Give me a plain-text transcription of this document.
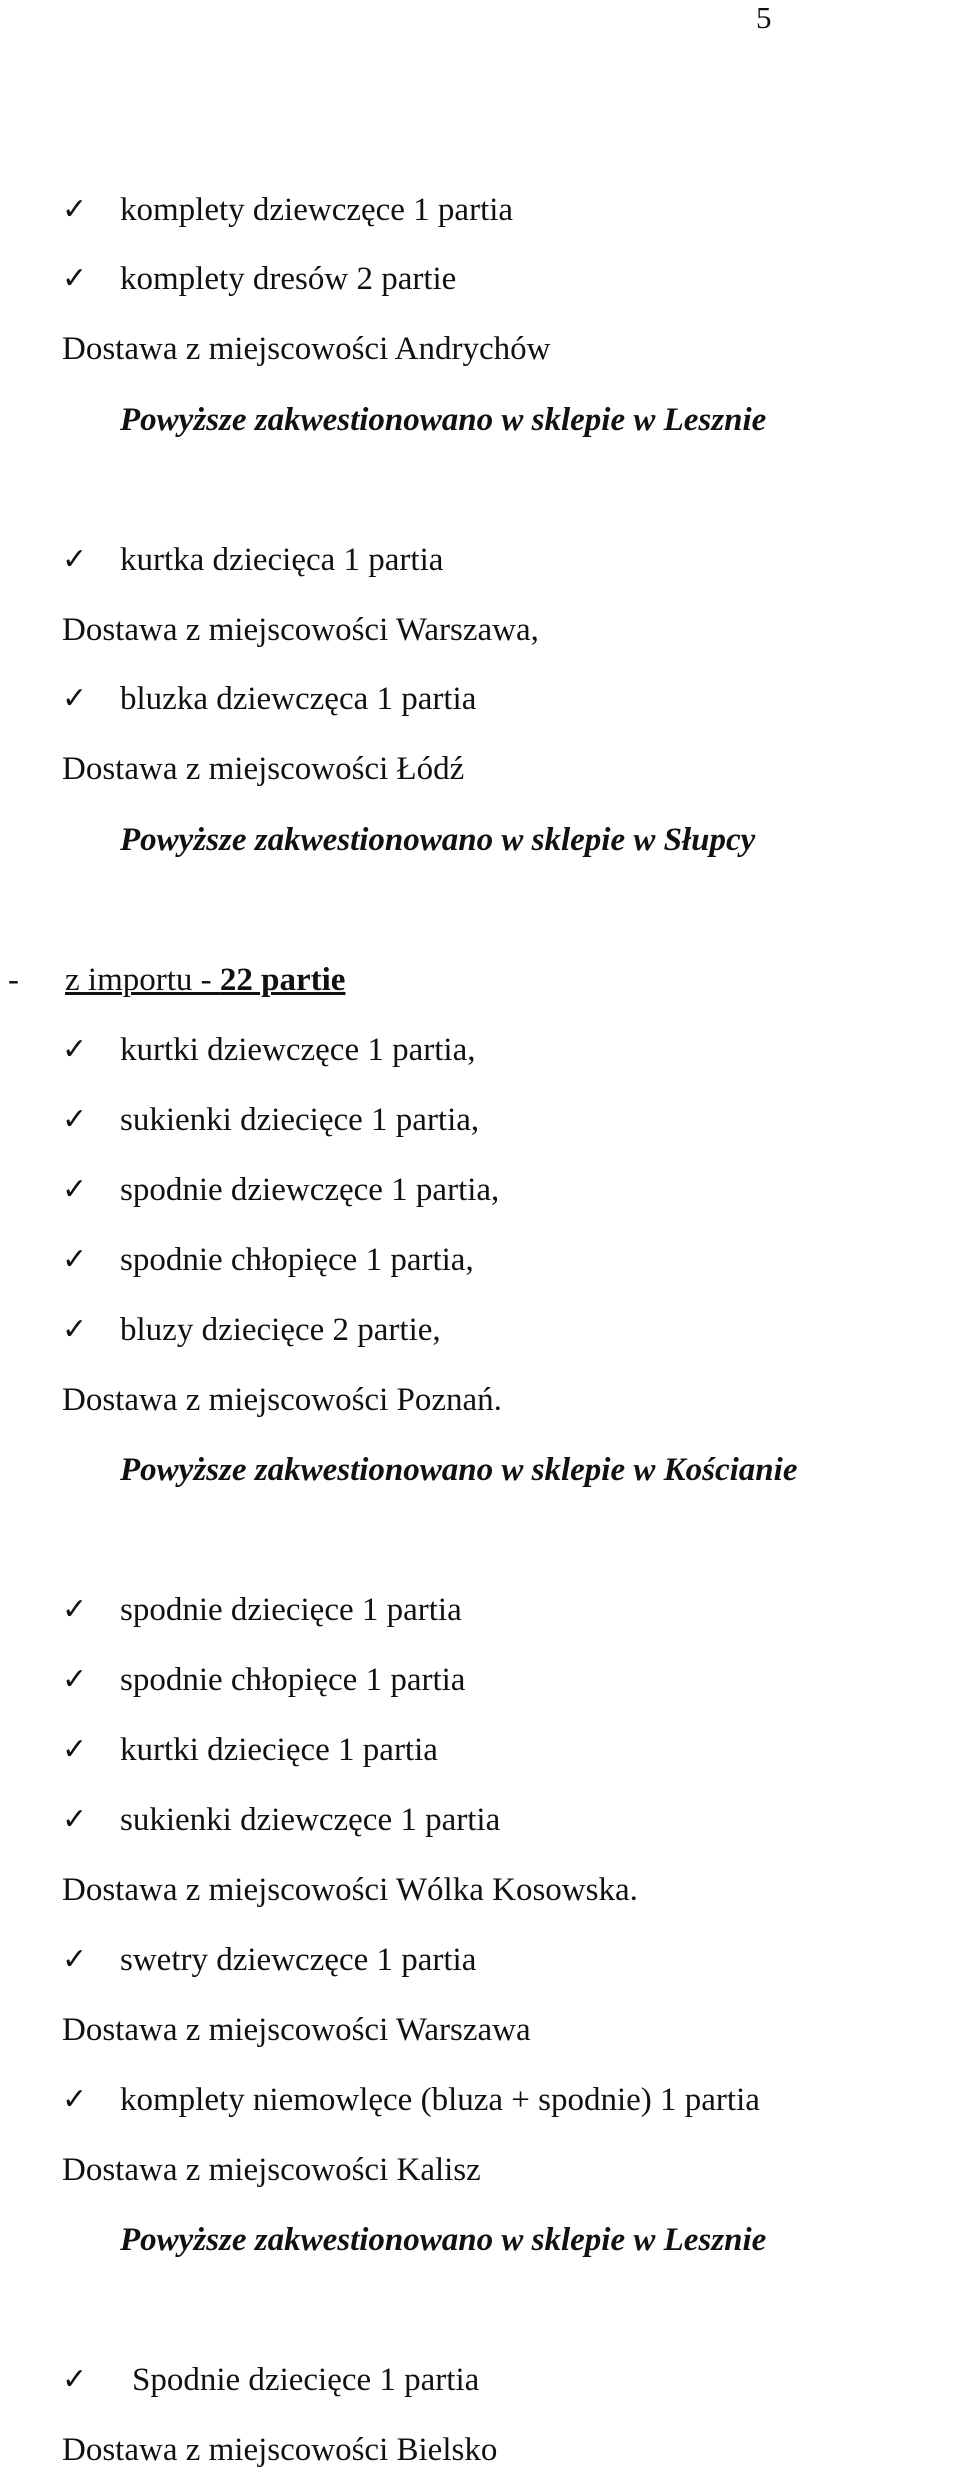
5
✓ komplety dziewczęce 1 partia
✓ komplety dresów 2 partie
Dostawa z miejscowości Andrychów
Powyższe zakwestionowano w sklepie w Lesznie
✓ kurtka dziecięca 1 partia
Dostawa z miejscowości Warszawa,
✓ bluzka dziewczęca 1 partia
Dostawa z miejscowości Łódź
Powyższe zakwestionowano w sklepie w Słupcy
- z importu - 22 partie
✓ kurtki dziewczęce 1 partia,
✓ sukienki dziecięce 1 partia,
✓ spodnie dziewczęce 1 partia,
✓ spodnie chłopięce 1 partia,
✓ bluzy dziecięce 2 partie,
Dostawa z miejscowości Poznań.
Powyższe zakwestionowano w sklepie w Kościanie
✓ spodnie dziecięce 1 partia
✓ spodnie chłopięce 1 partia
✓ kurtki dziecięce 1 partia
✓ sukienki dziewczęce 1 partia
Dostawa z miejscowości Wólka Kosowska.
✓ swetry dziewczęce 1 partia
Dostawa z miejscowości Warszawa
✓ komplety niemowlęce (bluza + spodnie) 1 partia
Dostawa z miejscowości Kalisz
Powyższe zakwestionowano w sklepie w Lesznie
✓ Spodnie dziecięce 1 partia
Dostawa z miejscowości Bielsko
